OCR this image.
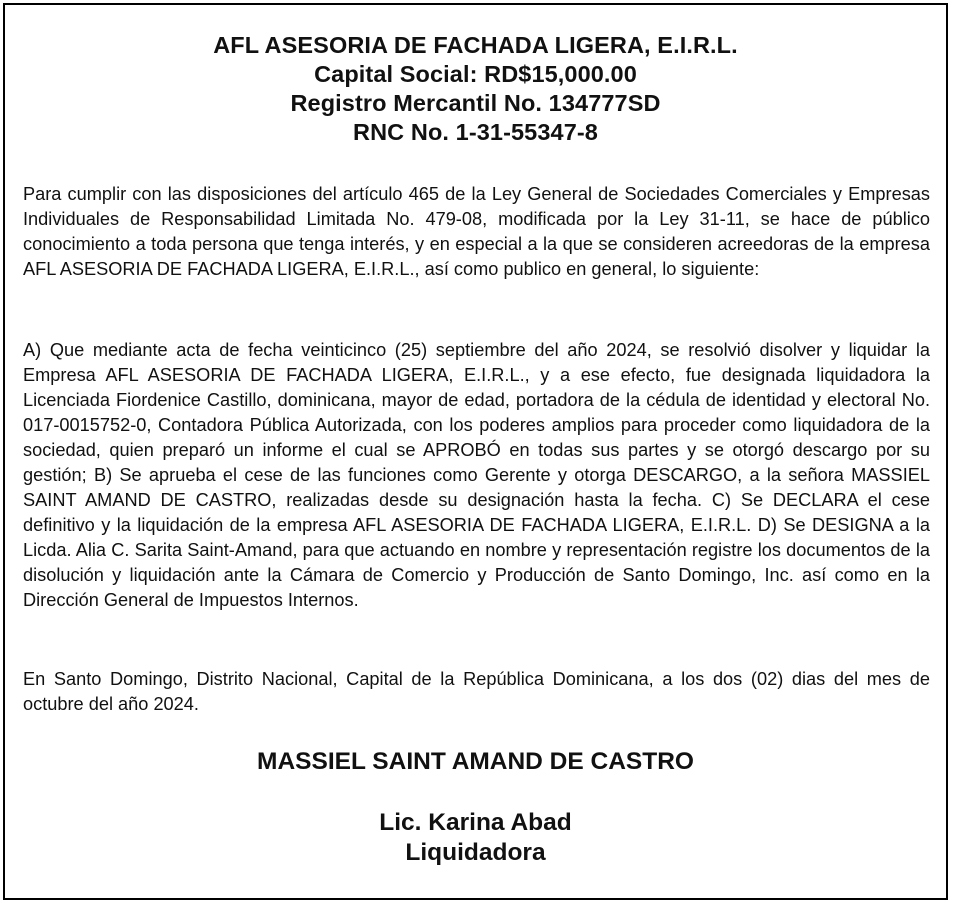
AFL ASESORIA DE FACHADA LIGERA, E.I.R.L.
Capital Social: RD$15,000.00
Registro Mercantil No. 134777SD
RNC No. 1-31-55347-8
Para cumplir con las disposiciones del artículo 465 de la Ley General de Sociedades Comerciales y Empresas Individuales de Responsabilidad Limitada No. 479-08, modificada por la Ley 31-11, se hace de público conocimiento a toda persona que tenga interés, y en especial a la que se consideren acreedoras de la empresa AFL ASESORIA DE FACHADA LIGERA, E.I.R.L., así como publico en general, lo siguiente:
A) Que mediante acta de fecha veinticinco (25) septiembre del año 2024, se resolvió disolver y liquidar la Empresa AFL ASESORIA DE FACHADA LIGERA, E.I.R.L., y a ese efecto, fue designada liquidadora la Licenciada Fiordenice Castillo, dominicana, mayor de edad, portadora de la cédula de identidad y electoral No. 017-0015752-0, Contadora Pública Autorizada, con los poderes amplios para proceder como liquidadora de la sociedad, quien preparó un informe el cual se APROBÓ en todas sus partes y se otorgó descargo por su gestión; B) Se aprueba el cese de las funciones como Gerente y otorga DESCARGO, a la señora MASSIEL SAINT AMAND DE CASTRO, realizadas desde su designación hasta la fecha. C) Se DECLARA el cese definitivo y la liquidación de la empresa AFL ASESORIA DE FACHADA LIGERA, E.I.R.L. D) Se DESIGNA a la Licda. Alia C. Sarita Saint-Amand, para que actuando en nombre y representación registre los documentos de la disolución y liquidación ante la Cámara de Comercio y Producción de Santo Domingo, Inc. así como en la Dirección General de Impuestos Internos.
En Santo Domingo, Distrito Nacional, Capital de la República Dominicana, a los dos (02) dias del mes de octubre del año 2024.
MASSIEL SAINT AMAND DE CASTRO
Lic. Karina Abad
Liquidadora
